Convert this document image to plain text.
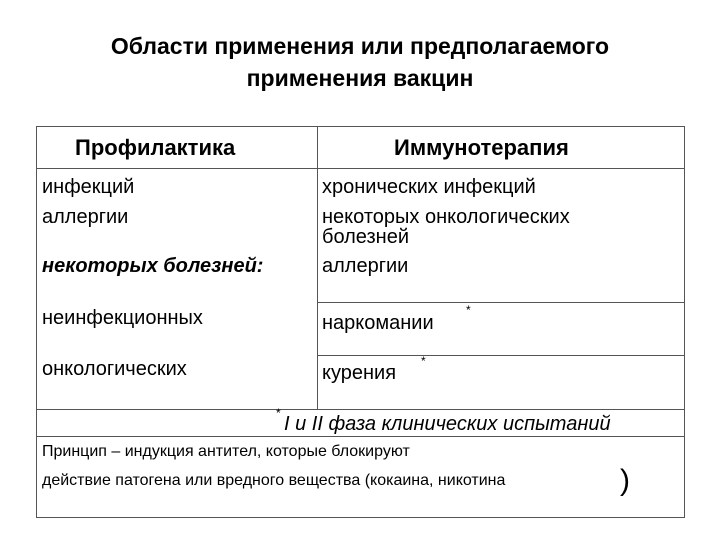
Области применения или предполагаемого
применения вакцин
Профилактика	Иммунотерапия
инфекций
аллергии
некоторых болезней:
неинфекционных
онкологических
хронических инфекций
некоторых онкологических
болезней
аллергии
наркомании
*
курения
*
* I и II фаза клинических испытаний
Принцип – индукция антител, которые блокируют
действие патогена или вредного вещества (кокаина, никотина	)
